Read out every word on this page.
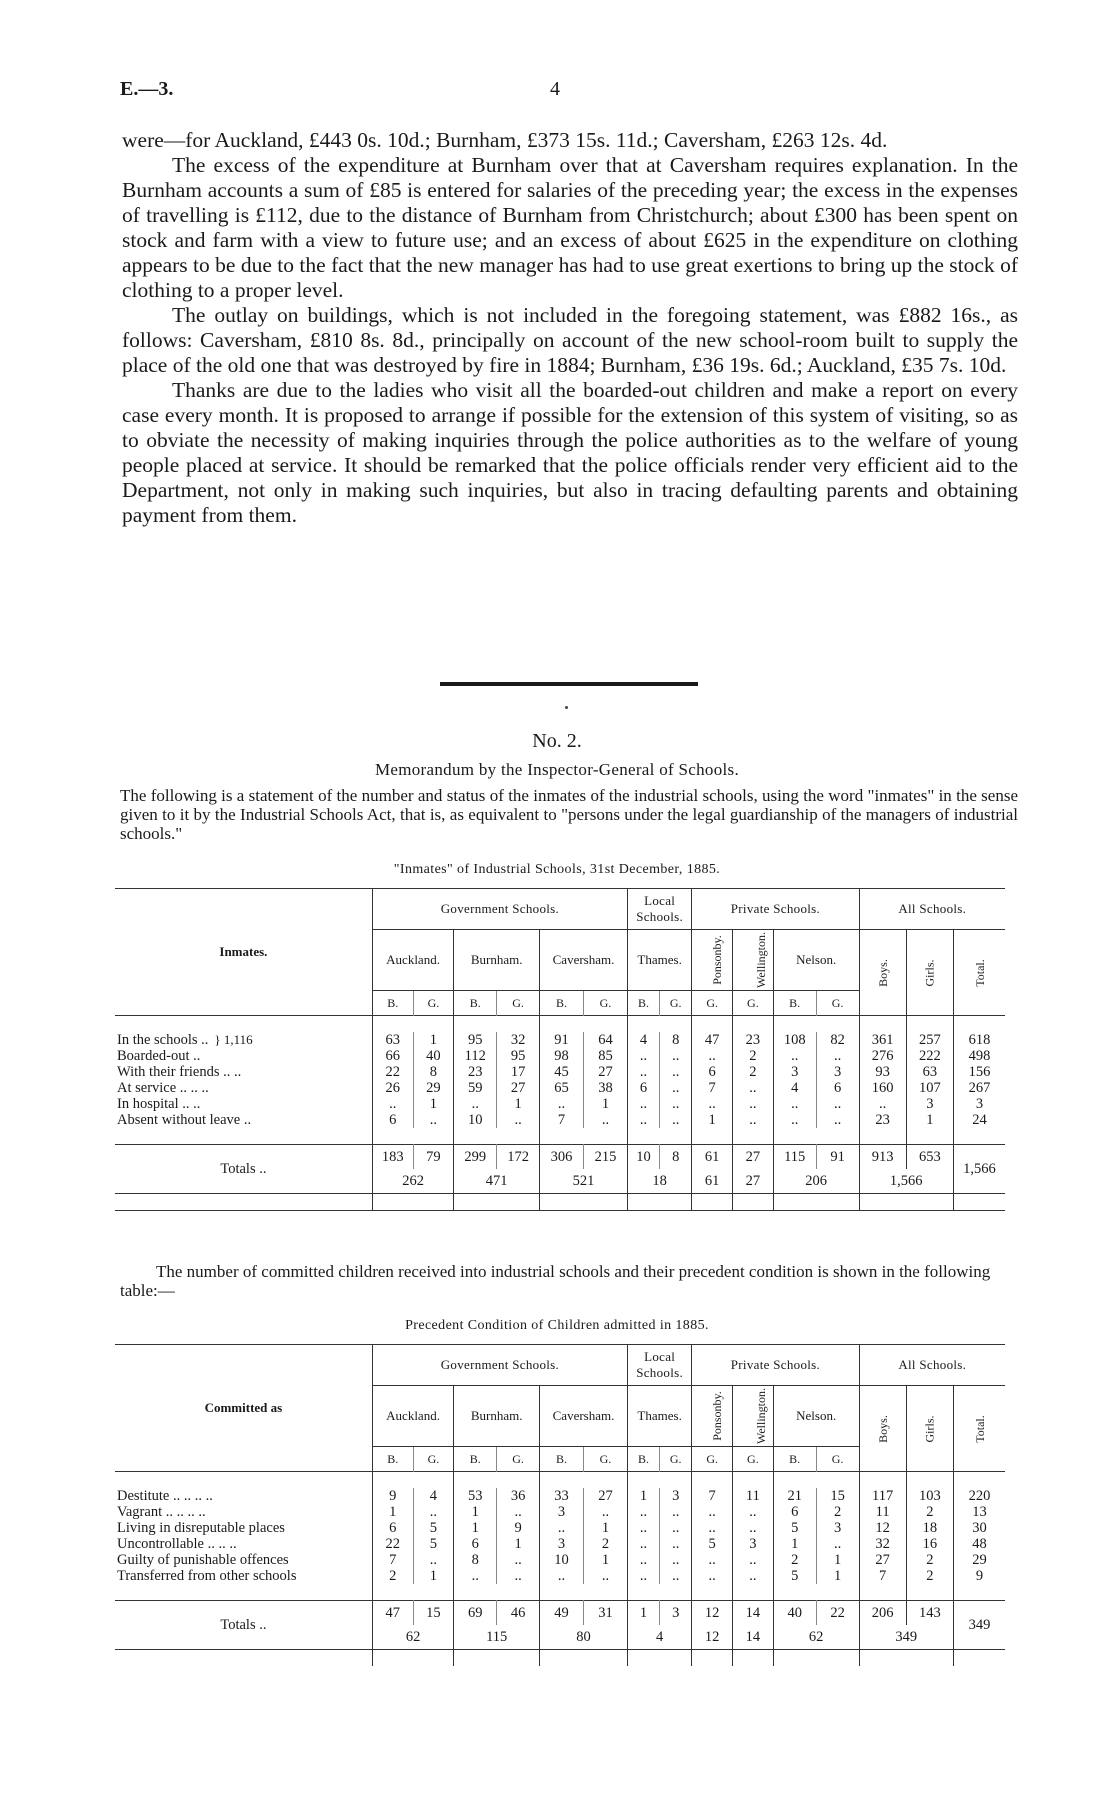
E.—3.	4

were—for Auckland, £443 0s. 10d.; Burnham, £373 15s. 11d.; Caversham, £263 12s. 4d.

The excess of the expenditure at Burnham over that at Caversham requires explanation. In the Burnham accounts a sum of £85 is entered for salaries of the preceding year; the excess in the expenses of travelling is £112, due to the distance of Burnham from Christchurch; about £300 has been spent on stock and farm with a view to future use; and an excess of about £625 in the expenditure on clothing appears to be due to the fact that the new manager has had to use great exertions to bring up the stock of clothing to a proper level.

The outlay on buildings, which is not included in the foregoing statement, was £882 16s., as follows: Caversham, £810 8s. 8d., principally on account of the new school-room built to supply the place of the old one that was destroyed by fire in 1884; Burnham, £36 19s. 6d.; Auckland, £35 7s. 10d.

Thanks are due to the ladies who visit all the boarded-out children and make a report on every case every month. It is proposed to arrange if possible for the extension of this system of visiting, so as to obviate the necessity of making inquiries through the police authorities as to the welfare of young people placed at service. It should be remarked that the police officials render very efficient aid to the Department, not only in making such inquiries, but also in tracing defaulting parents and obtaining payment from them.

No. 2.
Memorandum by the Inspector-General of Schools.

The following is a statement of the number and status of the inmates of the industrial schools, using the word "inmates" in the sense given to it by the Industrial Schools Act, that is, as equivalent to "persons under the legal guardianship of the managers of industrial schools."

"Inmates" of Industrial Schools, 31st December, 1885.
Inmates.	Government Schools.						Local Schools.		Private Schools.				All Schools.		
	Auckland.		Burnham.		Caversham.		Thames.		Ponsonby.	Wellington.	Nelson.		Boys.	Girls.	Total.
	B.	G.	B.	G.	B.	G.	B.	G.	G.	G.	B.	G.			

In the schools .. } 1,116	63	1	95	32	91	64	4	8	47	23	108	82	361	257	618
Boarded-out ..	66	40	112	95	98	85	..	..	..	2	..	..	276	222	498
With their friends .. ..	22	8	23	17	45	27	..	..	6	2	3	3	93	63	156
At service .. .. ..	26	29	59	27	65	38	6	..	7	..	4	6	160	107	267
In hospital .. ..	..	1	..	1	..	1	..	..	..	..	..	..	..	3	3
Absent without leave ..	6	..	10	..	7	..	..	..	1	..	..	..	23	1	24

Totals ..	183	79	299	172	306	215	10	8	61	27	115	91	913	653	1,566
	262		471		521		18		61	27	206		1,566		

The number of committed children received into industrial schools and their precedent condition is shown in the following table:—

Precedent Condition of Children admitted in 1885.
Committed as	Government Schools.						Local Schools.		Private Schools.				All Schools.		
	Auckland.		Burnham.		Caversham.		Thames.		Ponsonby.	Wellington.	Nelson.		Boys.	Girls.	Total.
	B.	G.	B.	G.	B.	G.	B.	G.	G.	G.	B.	G.			

Destitute .. .. .. ..	9	4	53	36	33	27	1	3	7	11	21	15	117	103	220
Vagrant .. .. .. ..	1	..	1	..	3	..	..	..	..	..	6	2	11	2	13
Living in disreputable places	6	5	1	9	..	1	..	..	..	..	5	3	12	18	30
Uncontrollable .. .. ..	22	5	6	1	3	2	..	..	5	3	1	..	32	16	48
Guilty of punishable offences	7	..	8	..	10	1	..	..	..	..	2	1	27	2	29
Transferred from other schools	2	1	..	..	..	..	..	..	..	..	5	1	7	2	9

Totals ..	47	15	69	46	49	31	1	3	12	14	40	22	206	143	349
	62		115		80		4		12	14	62		349		
